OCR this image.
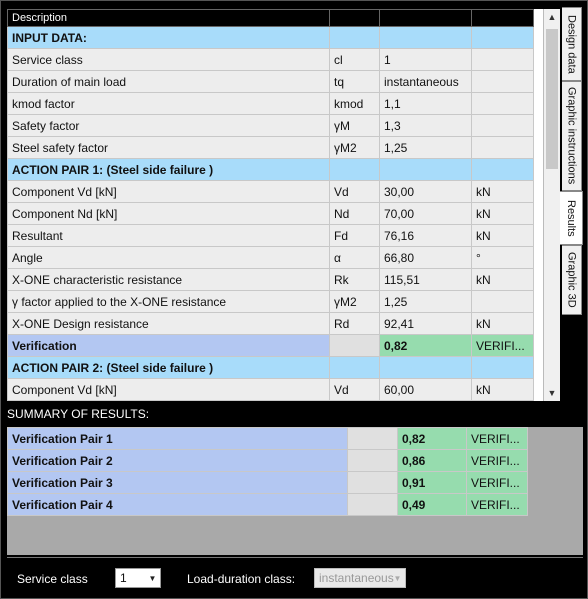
Description			
INPUT DATA:			
Service class	cl	1	
Duration of main load	tq	instantaneous	
kmod factor	kmod	1,1	
Safety factor	γM	1,3	
Steel safety factor	γM2	1,25	
ACTION PAIR 1: (Steel side failure )			
Component Vd [kN]	Vd	30,00	kN
Component Nd [kN]	Nd	70,00	kN
Resultant	Fd	76,16	kN
Angle	α	66,80	°
X-ONE characteristic resistance	Rk	115,51	kN
γ factor applied to the X-ONE resistance	γM2	1,25	
X-ONE Design resistance	Rd	92,41	kN
Verification		0,82	VERIFI...
ACTION PAIR 2: (Steel side failure )			
Component Vd [kN]	Vd	60,00	kN
▲
▼
Design data
Graphic instructions
Results
Graphic 3D
SUMMARY OF RESULTS:
Verification Pair 1		0,82	VERIFI...
Verification Pair 2		0,86	VERIFI...
Verification Pair 3		0,91	VERIFI...
Verification Pair 4		0,49	VERIFI...
Service class	1	▼	Load-duration class:	instantaneous ▼
